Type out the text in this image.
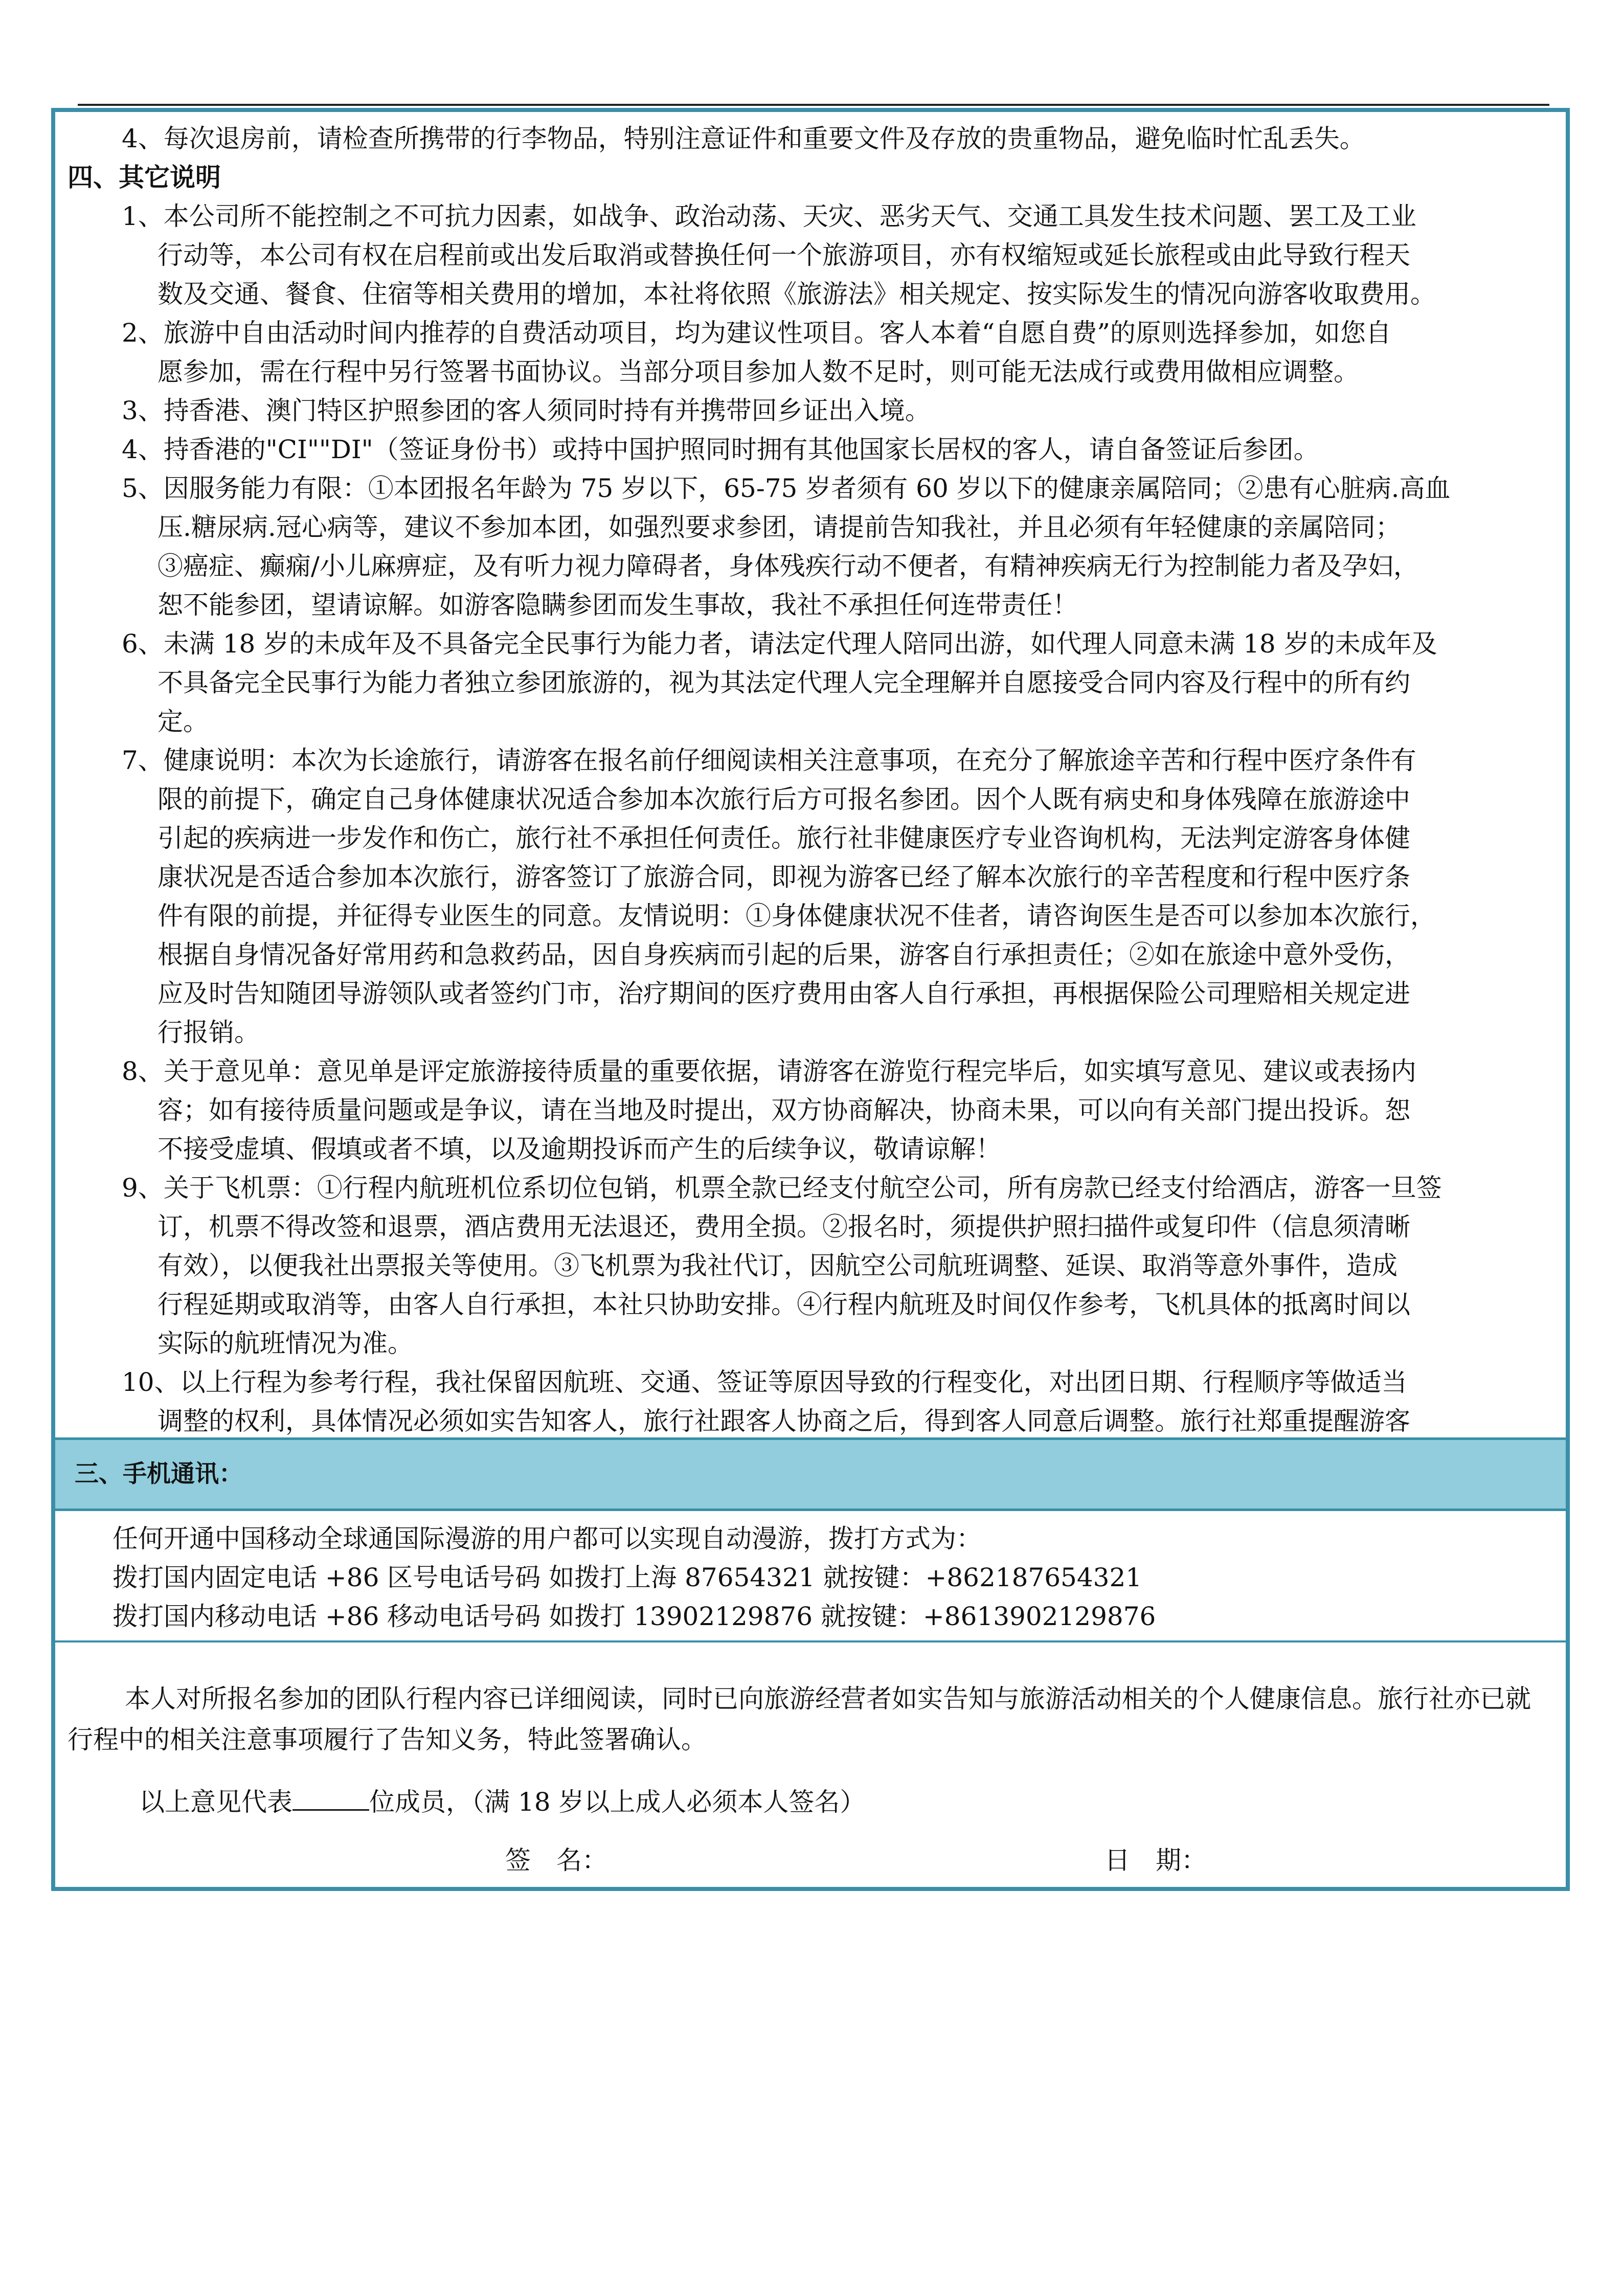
4、每次退房前，请检查所携带的行李物品，特别注意证件和重要文件及存放的贵重物品，避免临时忙乱丢失。
四、其它说明
1、本公司所不能控制之不可抗力因素，如战争、政治动荡、天灾、恶劣天气、交通工具发生技术问题、罢工及工业
行动等，本公司有权在启程前或出发后取消或替换任何一个旅游项目，亦有权缩短或延长旅程或由此导致行程天
数及交通、餐食、住宿等相关费用的增加，本社将依照《旅游法》相关规定、按实际发生的情况向游客收取费用。
2、旅游中自由活动时间内推荐的自费活动项目，均为建议性项目。客人本着“自愿自费”的原则选择参加，如您自
愿参加，需在行程中另行签署书面协议。当部分项目参加人数不足时，则可能无法成行或费用做相应调整。
3、持香港、澳门特区护照参团的客人须同时持有并携带回乡证出入境。
4、持香港的"CI""DI"（签证身份书）或持中国护照同时拥有其他国家长居权的客人，请自备签证后参团。
5、因服务能力有限：①本团报名年龄为 75 岁以下，65-75 岁者须有 60 岁以下的健康亲属陪同；②患有心脏病.高血
压.糖尿病.冠心病等，建议不参加本团，如强烈要求参团，请提前告知我社，并且必须有年轻健康的亲属陪同；
③癌症、癫痫/小儿麻痹症，及有听力视力障碍者，身体残疾行动不便者，有精神疾病无行为控制能力者及孕妇，
恕不能参团，望请谅解。如游客隐瞒参团而发生事故，我社不承担任何连带责任！
6、未满 18 岁的未成年及不具备完全民事行为能力者，请法定代理人陪同出游，如代理人同意未满 18 岁的未成年及
不具备完全民事行为能力者独立参团旅游的，视为其法定代理人完全理解并自愿接受合同内容及行程中的所有约
定。
7、健康说明：本次为长途旅行，请游客在报名前仔细阅读相关注意事项，在充分了解旅途辛苦和行程中医疗条件有
限的前提下，确定自己身体健康状况适合参加本次旅行后方可报名参团。因个人既有病史和身体残障在旅游途中
引起的疾病进一步发作和伤亡，旅行社不承担任何责任。旅行社非健康医疗专业咨询机构，无法判定游客身体健
康状况是否适合参加本次旅行，游客签订了旅游合同，即视为游客已经了解本次旅行的辛苦程度和行程中医疗条
件有限的前提，并征得专业医生的同意。友情说明：①身体健康状况不佳者，请咨询医生是否可以参加本次旅行，
根据自身情况备好常用药和急救药品，因自身疾病而引起的后果，游客自行承担责任；②如在旅途中意外受伤，
应及时告知随团导游领队或者签约门市，治疗期间的医疗费用由客人自行承担，再根据保险公司理赔相关规定进
行报销。
8、关于意见单：意见单是评定旅游接待质量的重要依据，请游客在游览行程完毕后，如实填写意见、建议或表扬内
容；如有接待质量问题或是争议，请在当地及时提出，双方协商解决，协商未果，可以向有关部门提出投诉。恕
不接受虚填、假填或者不填，以及逾期投诉而产生的后续争议，敬请谅解！
9、关于飞机票：①行程内航班机位系切位包销，机票全款已经支付航空公司，所有房款已经支付给酒店，游客一旦签
订，机票不得改签和退票，酒店费用无法退还，费用全损。②报名时，须提供护照扫描件或复印件（信息须清晰
有效），以便我社出票报关等使用。③飞机票为我社代订，因航空公司航班调整、延误、取消等意外事件，造成
行程延期或取消等，由客人自行承担，本社只协助安排。④行程内航班及时间仅作参考，飞机具体的抵离时间以
实际的航班情况为准。
10、以上行程为参考行程，我社保留因航班、交通、签证等原因导致的行程变化，对出团日期、行程顺序等做适当
调整的权利，具体情况必须如实告知客人，旅行社跟客人协商之后，得到客人同意后调整。旅行社郑重提醒游客
三、手机通讯：
任何开通中国移动全球通国际漫游的用户都可以实现自动漫游，拨打方式为：
拨打国内固定电话 +86 区号电话号码 如拨打上海 87654321 就按键：+862187654321
拨打国内移动电话 +86 移动电话号码 如拨打 13902129876 就按键：+8613902129876

本人对所报名参加的团队行程内容已详细阅读，同时已向旅游经营者如实告知与旅游活动相关的个人健康信息。旅行社亦已就行程中的相关注意事项履行了告知义务，特此签署确认。

以上意见代表	位成员，（满 18 岁以上成人必须本人签名）
签　名：	日　期：
